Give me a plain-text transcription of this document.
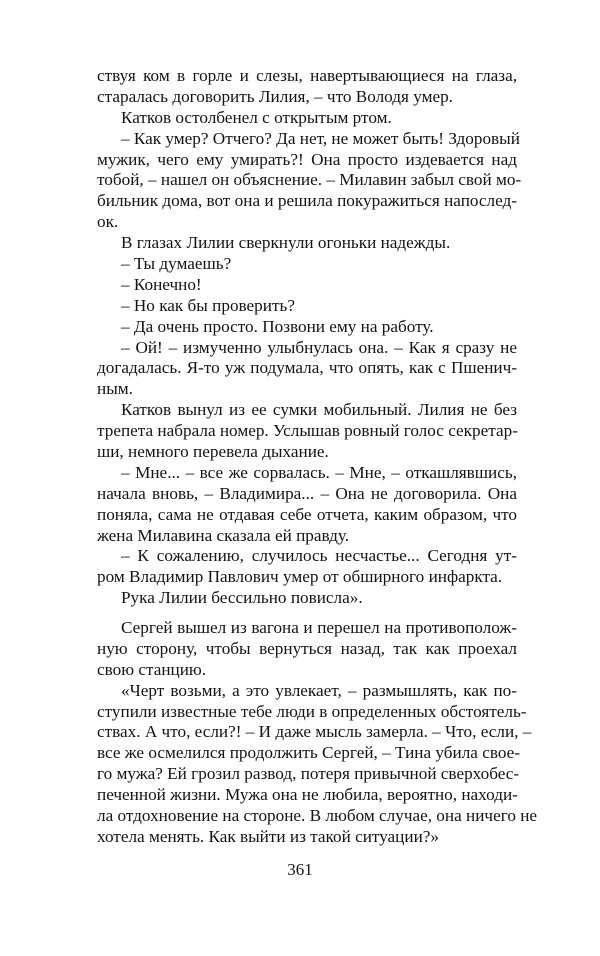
ствуя ком в горле и слезы, навертывающиеся на глаза,
старалась договорить Лилия, – что Володя умер.
Катков остолбенел с открытым ртом.
– Как умер? Отчего? Да нет, не может быть! Здоровый
мужик, чего ему умирать?! Она просто издевается над
тобой, – нашел он объяснение. – Милавин забыл свой мо-
бильник дома, вот она и решила покуражиться напослед-
ок.
В глазах Лилии сверкнули огоньки надежды.
– Ты думаешь?
– Конечно!
– Но как бы проверить?
– Да очень просто. Позвони ему на работу.
– Ой! – измученно улыбнулась она. – Как я сразу не
догадалась. Я-то уж подумала, что опять, как с Пшенич-
ным.
Катков вынул из ее сумки мобильный. Лилия не без
трепета набрала номер. Услышав ровный голос секретар-
ши, немного перевела дыхание.
– Мне... – все же сорвалась. – Мне, – откашлявшись,
начала вновь, – Владимира... – Она не договорила. Она
поняла, сама не отдавая себе отчета, каким образом, что
жена Милавина сказала ей правду.
– К сожалению, случилось несчастье... Сегодня ут-
ром Владимир Павлович умер от обширного инфаркта.
Рука Лилии бессильно повисла».
Сергей вышел из вагона и перешел на противополож-
ную сторону, чтобы вернуться назад, так как проехал
свою станцию.
«Черт возьми, а это увлекает, – размышлять, как по-
ступили известные тебе люди в определенных обстоятель-
ствах. А что, если?! – И даже мысль замерла. – Что, если, –
все же осмелился продолжить Сергей, – Тина убила свое-
го мужа? Ей грозил развод, потеря привычной сверхобес-
печенной жизни. Мужа она не любила, вероятно, находи-
ла отдохновение на стороне. В любом случае, она ничего не
хотела менять. Как выйти из такой ситуации?»
361
